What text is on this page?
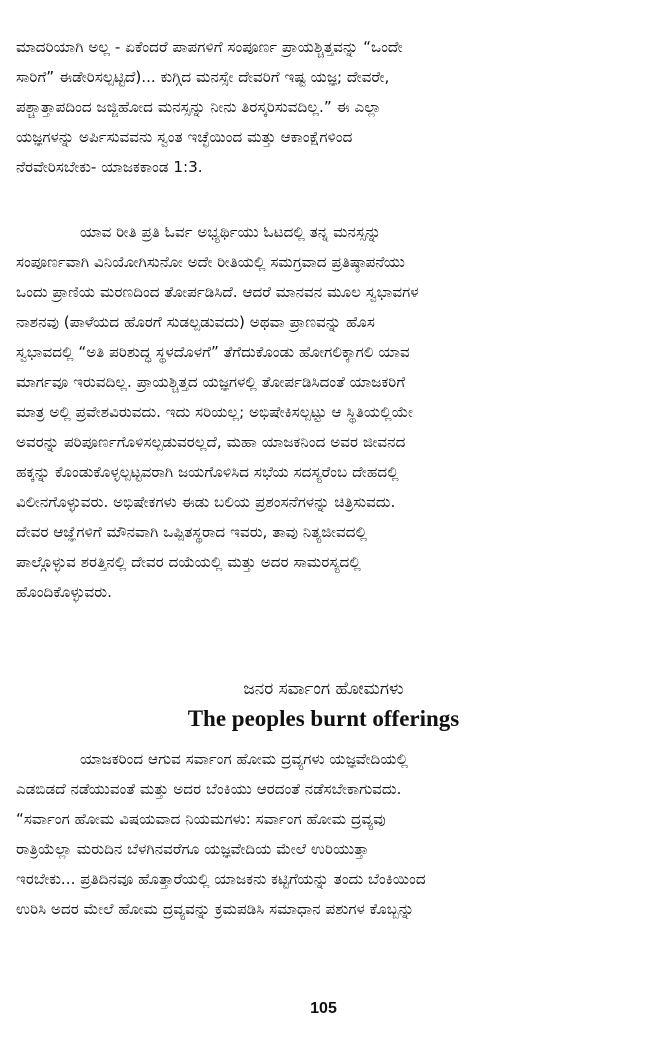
ಮಾದರಿಯಾಗಿ ಅಲ್ಲ - ಏಕೆಂದರೆ ಪಾಪಗಳಿಗೆ ಸಂಪೂರ್ಣ ಪ್ರಾಯಶ್ಚಿತ್ತವನ್ನು “ಒಂದೇ
ಸಾರಿಗೆ” ಈಡೇರಿಸಲ್ಪಟ್ಟಿದೆ)... ಕುಗ್ಗಿದ ಮನಸ್ಸೇ ದೇವರಿಗೆ ಇಷ್ಟ ಯಜ್ಞ; ದೇವರೇ,
ಪಶ್ಚಾತ್ತಾಪದಿಂದ ಜಜ್ಜಿಹೋದ ಮನಸ್ಸನ್ನು ನೀನು ತಿರಸ್ಕರಿಸುವದಿಲ್ಲ.” ಈ ಎಲ್ಲಾ
ಯಜ್ಞಗಳನ್ನು ಅರ್ಪಿಸುವವನು ಸ್ವಂತ ಇಚ್ಛೆಯಿಂದ ಮತ್ತು ಆಕಾಂಕ್ಷೆಗಳಿಂದ
ನೆರವೇರಿಸಬೇಕು- ಯಾಜಕಕಾಂಡ 1:3.
ಯಾವ ರೀತಿ ಪ್ರತಿ ಓರ್ವ ಅಭ್ಯರ್ಥಿಯು ಓಟದಲ್ಲಿ ತನ್ನ ಮನಸ್ಸನ್ನು
ಸಂಪೂರ್ಣವಾಗಿ ವಿನಿಯೋಗಿಸುನೋ ಅದೇ ರೀತಿಯಲ್ಲಿ ಸಮಗ್ರವಾದ ಪ್ರತಿಷ್ಠಾಪನೆಯು
ಒಂದು ಪ್ರಾಣಿಯ ಮರಣದಿಂದ ತೋರ್ಪಡಿಸಿದೆ. ಆದರೆ ಮಾನವನ ಮೂಲ ಸ್ವಭಾವಗಳ
ನಾಶನವು (ಪಾಳೆಯದ ಹೊರಗೆ ಸುಡಲ್ಪಡುವದು) ಅಥವಾ ಪ್ರಾಣವನ್ನು ಹೊಸ
ಸ್ವಭಾವದಲ್ಲಿ “ಅತಿ ಪರಿಶುದ್ಧ ಸ್ಥಳದೊಳಗೆ” ತೆಗೆದುಕೊಂಡು ಹೋಗಲಿಕ್ಕಾಗಲಿ ಯಾವ
ಮಾರ್ಗವೂ ಇರುವದಿಲ್ಲ. ಪ್ರಾಯಶ್ಚಿತ್ತದ ಯಜ್ಞಗಳಲ್ಲಿ ತೋರ್ಪಡಿಸಿದಂತೆ ಯಾಜಕರಿಗೆ
ಮಾತ್ರ ಅಲ್ಲಿ ಪ್ರವೇಶವಿರುವದು. ಇದು ಸರಿಯಲ್ಲ; ಅಭಿಷೇಕಿಸಲ್ಪಟ್ಟು ಆ ಸ್ಥಿತಿಯಲ್ಲಿಯೇ
ಅವರನ್ನು ಪರಿಪೂರ್ಣಗೊಳಿಸಲ್ಪಡುವರಲ್ಲದೆ, ಮಹಾ ಯಾಜಕನಿಂದ ಅವರ ಜೀವನದ
ಹಕ್ಕನ್ನು ಕೊಂಡುಕೊಳ್ಳಲ್ಪಟ್ಟವರಾಗಿ ಜಯಗೊಳಿಸಿದ ಸಭೆಯ ಸದಸ್ಯರೆಂಬ ದೇಹದಲ್ಲಿ
ವಿಲೀನಗೊಳ್ಳುವರು. ಅಭಿಷೇಕಗಳು ಈಡು ಬಲಿಯ ಪ್ರಶಂಸನೆಗಳನ್ನು ಚಿತ್ರಿಸುವದು.
ದೇವರ ಆಜ್ಞೆಗಳಿಗೆ ಮೌನವಾಗಿ ಒಪ್ಪಿತಸ್ಥರಾದ ಇವರು, ತಾವು ನಿತ್ಯಜೀವದಲ್ಲಿ
ಪಾಲ್ಗೊಳ್ಳುವ ಶರತ್ತಿನಲ್ಲಿ ದೇವರ ದಯೆಯಲ್ಲಿ ಮತ್ತು ಅದರ ಸಾಮರಸ್ಯದಲ್ಲಿ
ಹೊಂದಿಕೊಳ್ಳುವರು.
ಜನರ ಸರ್ವಾಂಗ ಹೋಮಗಳು
The peoples burnt offerings
ಯಾಜಕರಿಂದ ಆಗುವ ಸರ್ವಾಂಗ ಹೋಮ ದ್ರವ್ಯಗಳು ಯಜ್ಞವೇದಿಯಲ್ಲಿ
ಎಡಬಿಡದೆ ನಡೆಯುವಂತೆ ಮತ್ತು ಅದರ ಬೆಂಕಿಯು ಆರದಂತೆ ನಡೆಸಬೇಕಾಗುವದು.
“ಸರ್ವಾಂಗ ಹೋಮ ವಿಷಯವಾದ ನಿಯಮಗಳು: ಸರ್ವಾಂಗ ಹೋಮ ದ್ರವ್ಯವು
ರಾತ್ರಿಯೆಲ್ಲಾ ಮರುದಿನ ಬೆಳಗಿನವರೆಗೂ ಯಜ್ಞವೇದಿಯ ಮೇಲೆ ಉರಿಯುತ್ತಾ
ಇರಬೇಕು... ಪ್ರತಿದಿನವೂ ಹೊತ್ತಾರೆಯಲ್ಲಿ ಯಾಜಕನು ಕಟ್ಟಿಗೆಯನ್ನು ತಂದು ಬೆಂಕಿಯಿಂದ
ಉರಿಸಿ ಅದರ ಮೇಲೆ ಹೋಮ ದ್ರವ್ಯವನ್ನು ಕ್ರಮಪಡಿಸಿ ಸಮಾಧಾನ ಪಶುಗಳ ಕೊಬ್ಬನ್ನು
105
